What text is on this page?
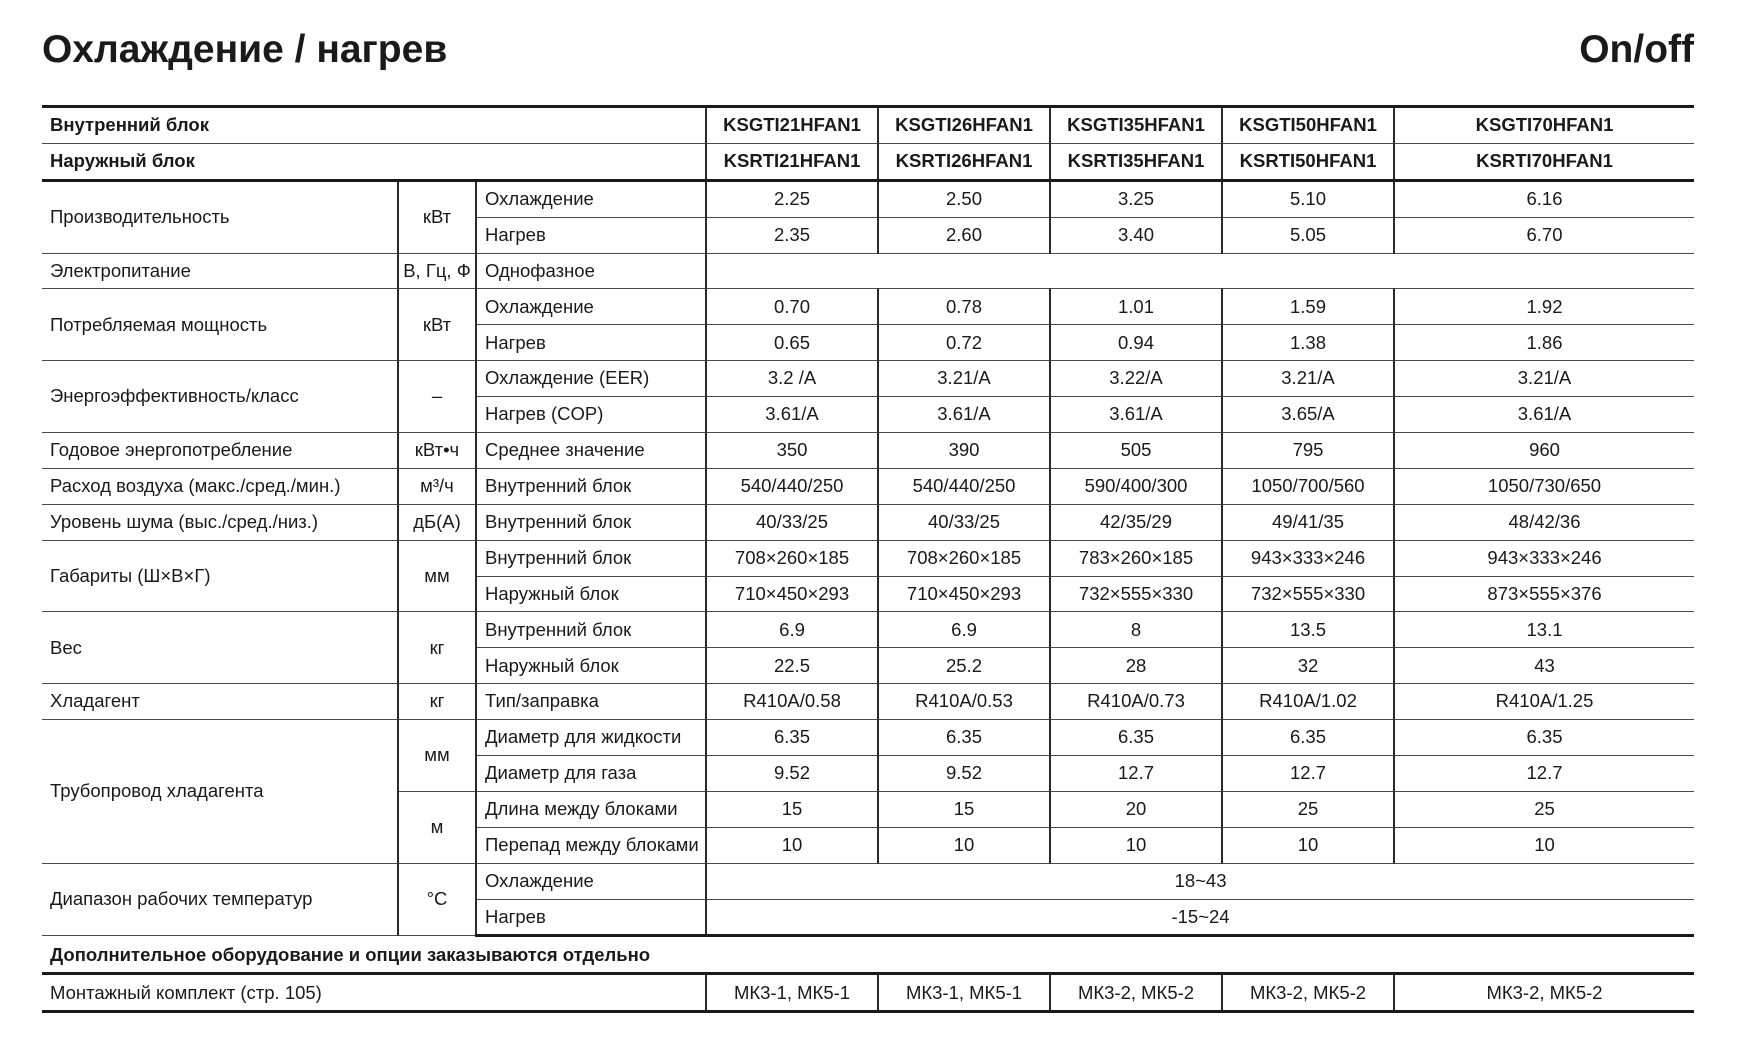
Охлаждение / нагрев	On/off
Внутренний блок			KSGTI21HFAN1	KSGTI26HFAN1	KSGTI35HFAN1	KSGTI50HFAN1	KSGTI70HFAN1
Наружный блок			KSRTI21HFAN1	KSRTI26HFAN1	KSRTI35HFAN1	KSRTI50HFAN1	KSRTI70HFAN1
Производительность	кВт	Охлаждение	2.25	2.50	3.25	5.10	6.16
		Нагрев	2.35	2.60	3.40	5.05	6.70
Электропитание	В, Гц, Ф	Однофазное					
Потребляемая мощность	кВт	Охлаждение	0.70	0.78	1.01	1.59	1.92
		Нагрев	0.65	0.72	0.94	1.38	1.86
Энергоэффективность/класс	–	Охлаждение (EER)	3.2 /A	3.21/A	3.22/A	3.21/A	3.21/A
		Нагрев (COP)	3.61/A	3.61/A	3.61/A	3.65/A	3.61/A
Годовое энергопотребление	кВт•ч	Среднее значение	350	390	505	795	960
Расход воздуха (макс./сред./мин.)	м³/ч	Внутренний блок	540/440/250	540/440/250	590/400/300	1050/700/560	1050/730/650
Уровень шума (выс./сред./низ.)	дБ(А)	Внутренний блок	40/33/25	40/33/25	42/35/29	49/41/35	48/42/36
Габариты (Ш×В×Г)	мм	Внутренний блок	708×260×185	708×260×185	783×260×185	943×333×246	943×333×246
		Наружный блок	710×450×293	710×450×293	732×555×330	732×555×330	873×555×376
Вес	кг	Внутренний блок	6.9	6.9	8	13.5	13.1
		Наружный блок	22.5	25.2	28	32	43
Хладагент	кг	Тип/заправка	R410A/0.58	R410A/0.53	R410A/0.73	R410A/1.02	R410A/1.25
Трубопровод хладагента	мм	Диаметр для жидкости	6.35	6.35	6.35	6.35	6.35
		Диаметр для газа	9.52	9.52	12.7	12.7	12.7
	м	Длина между блоками	15	15	20	25	25
		Перепад между блоками	10	10	10	10	10
Диапазон рабочих температур	°С	Охлаждение	18~43				
		Нагрев	-15~24				
Дополнительное оборудование и опции заказываются отдельно							
Монтажный комплект (стр. 105)			МК3-1, МК5-1	МК3-1, МК5-1	МК3-2, МК5-2	МК3-2, МК5-2	МК3-2, МК5-2
